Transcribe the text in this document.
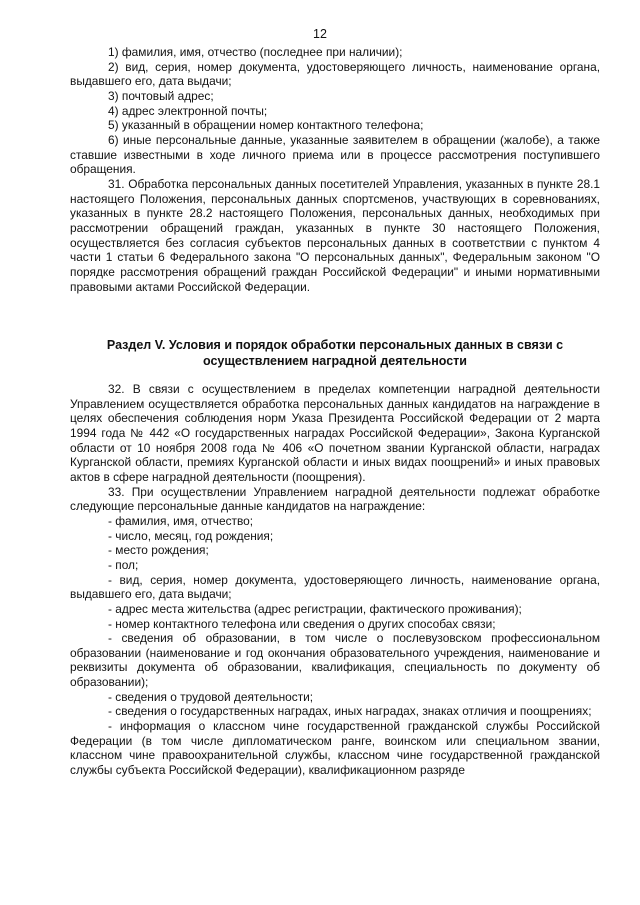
12

1) фамилия, имя, отчество (последнее при наличии);

2) вид, серия, номер документа, удостоверяющего личность, наименование органа, выдавшего его, дата выдачи;

3) почтовый адрес;

4) адрес электронной почты;

5) указанный в обращении номер контактного телефона;

6) иные персональные данные, указанные заявителем в обращении (жалобе), а также ставшие известными в ходе личного приема или в процессе рассмотрения поступившего обращения.

31. Обработка персональных данных посетителей Управления, указанных в пункте 28.1 настоящего Положения, персональных данных спортсменов, участвующих в соревнованиях, указанных в пункте 28.2 настоящего Положения, персональных данных, необходимых при рассмотрении обращений граждан, указанных в пункте 30 настоящего Положения, осуществляется без согласия субъектов персональных данных в соответствии с пунктом 4 части 1 статьи 6 Федерального закона "О персональных данных", Федеральным законом "О порядке рассмотрения обращений граждан Российской Федерации" и иными нормативными правовыми актами Российской Федерации.

Раздел V. Условия и порядок обработки персональных данных в связи с

осуществлением наградной деятельности

32. В связи с осуществлением в пределах компетенции наградной деятельности Управлением осуществляется обработка персональных данных кандидатов на награждение в целях обеспечения соблюдения норм Указа Президента Российской Федерации от 2 марта 1994 года № 442 «О государственных наградах Российской Федерации», Закона Курганской области от 10 ноября 2008 года № 406 «О почетном звании Курганской области, наградах Курганской области, премиях Курганской области и иных видах поощрений» и иных правовых актов в сфере наградной деятельности (поощрения).

33. При осуществлении Управлением наградной деятельности подлежат обработке следующие персональные данные кандидатов на награждение:

- фамилия, имя, отчество;

- число, месяц, год рождения;

- место рождения;

- пол;

- вид, серия, номер документа, удостоверяющего личность, наименование органа, выдавшего его, дата выдачи;

- адрес места жительства (адрес регистрации, фактического проживания);

- номер контактного телефона или сведения о других способах связи;

- сведения об образовании, в том числе о послевузовском профессиональном образовании (наименование и год окончания образовательного учреждения, наименование и реквизиты документа об образовании, квалификация, специальность по документу об образовании);

- сведения о трудовой деятельности;

- сведения о государственных наградах, иных наградах, знаках отличия и поощрениях;

- информация о классном чине государственной гражданской службы Российской Федерации (в том числе дипломатическом ранге, воинском или специальном звании, классном чине правоохранительной службы, классном чине государственной гражданской службы субъекта Российской Федерации), квалификационном разряде
